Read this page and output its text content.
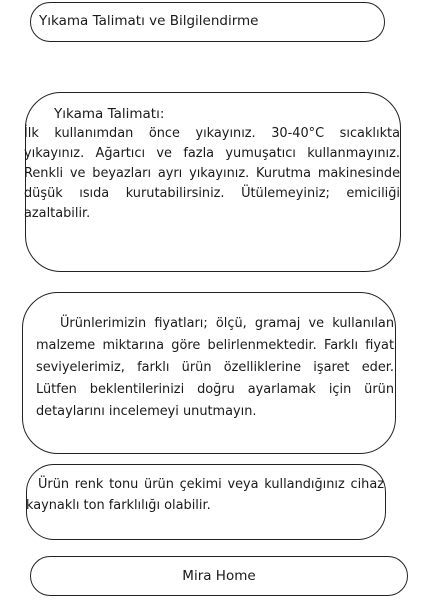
Yıkama Talimatı ve Bilgilendirme
Yıkama Talimatı:
İlk kullanımdan önce yıkayınız. 30-40°C sıcaklıkta yıkayınız. Ağartıcı ve fazla yumuşatıcı kullanmayınız. Renkli ve beyazları ayrı yıkayınız. Kurutma makinesinde düşük ısıda kurutabilirsiniz. Ütülemeyiniz; emiciliği azaltabilir.
Ürünlerimizin fiyatları; ölçü, gramaj ve kullanılan malzeme miktarına göre belirlenmektedir. Farklı fiyat seviyelerimiz, farklı ürün özelliklerine işaret eder. Lütfen beklentilerinizi doğru ayarlamak için ürün detaylarını incelemeyi unutmayın.
Ürün renk tonu ürün çekimi veya kullandığınız cihaz kaynaklı ton farklılığı olabilir.
Mira Home
